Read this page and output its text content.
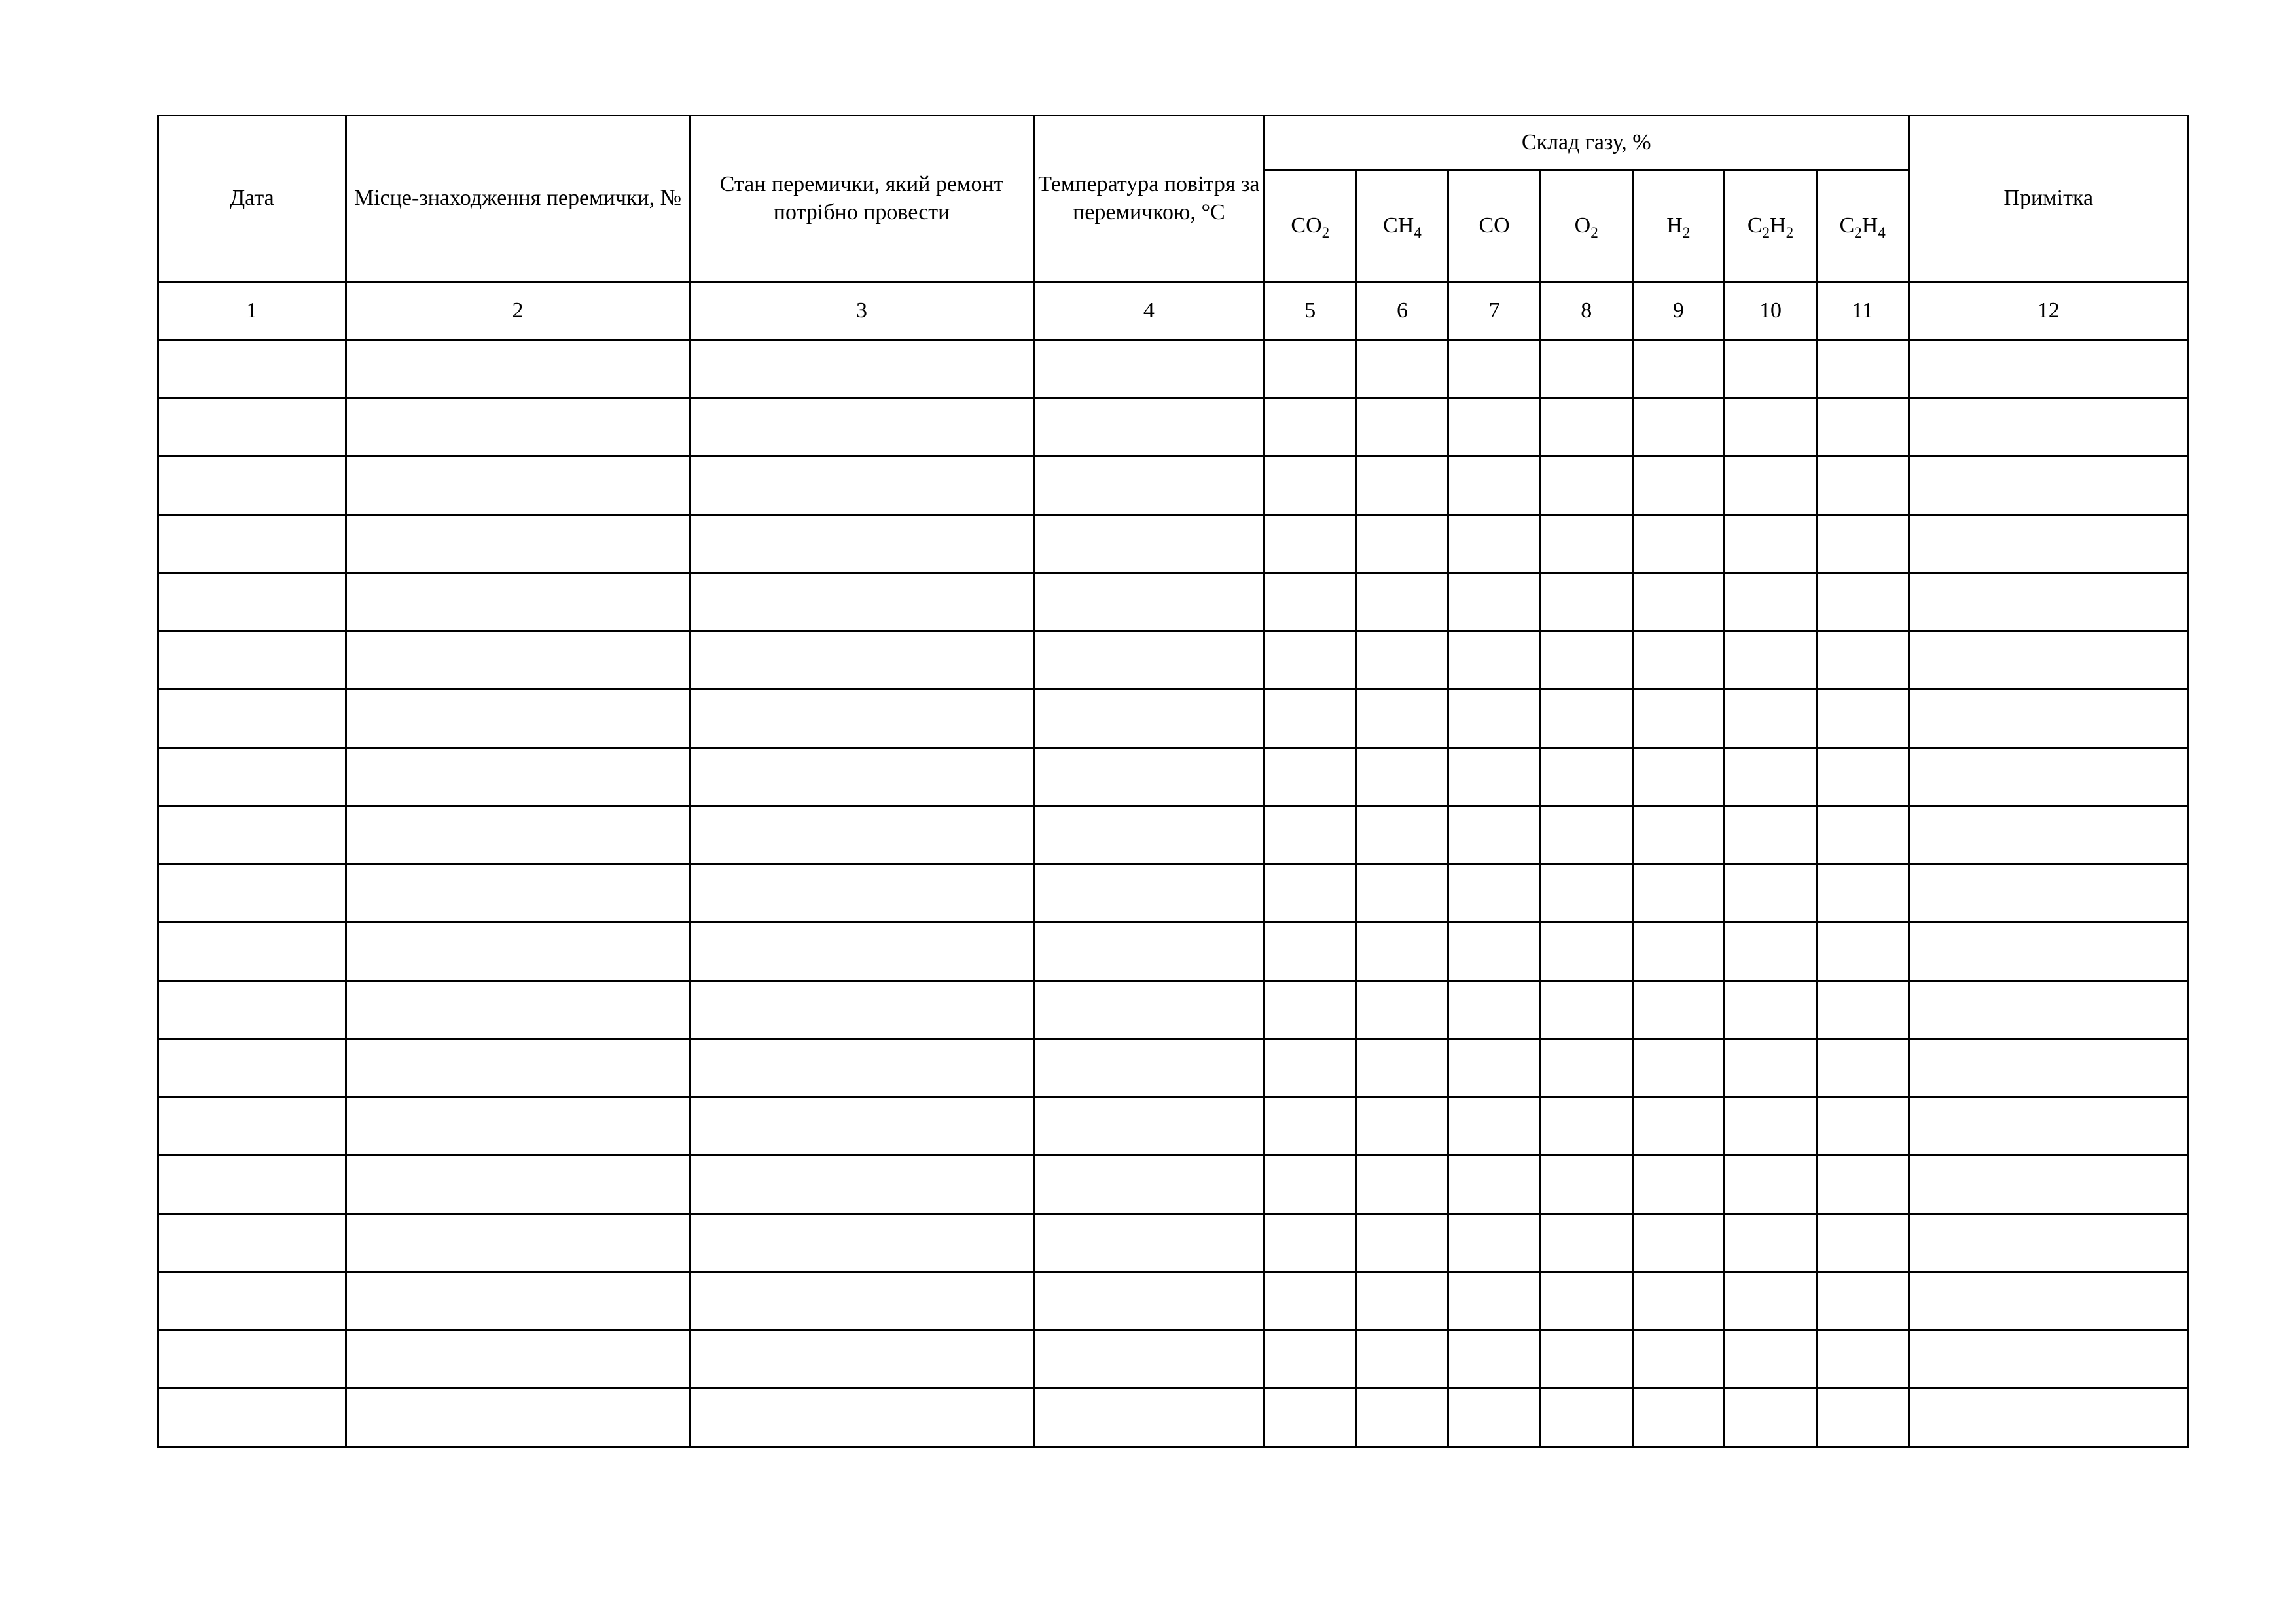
Дата	Місце-знаходження перемички, №	Стан перемички, який ремонт потрібно провести	Температура повітря за перемичкою, °C	Склад газу, %							Примітка
				$CO_2$	$CH_4$	CO	$O_2$	$H_2$	$C_2H_2$	$C_2H_4$
1	2	3	4	5	6	7	8	9	10	11	12
